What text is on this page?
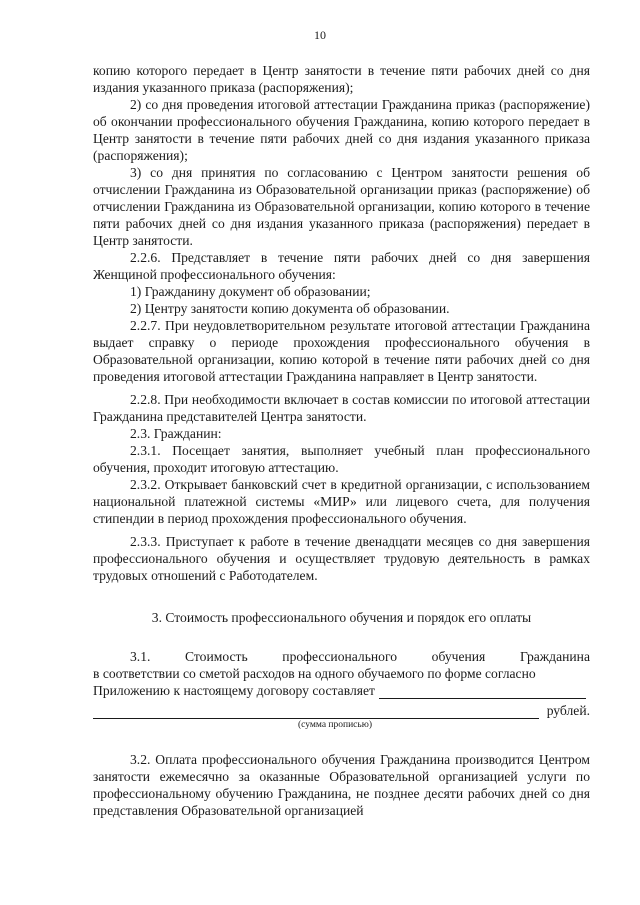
10

копию которого передает в Центр занятости в течение пяти рабочих дней со дня издания указанного приказа (распоряжения);

2) со дня проведения итоговой аттестации Гражданина приказ (распоряжение) об окончании профессионального обучения Гражданина, копию которого передает в Центр занятости в течение пяти рабочих дней со дня издания указанного приказа (распоряжения);

3) со дня принятия по согласованию с Центром занятости решения об отчислении Гражданина из Образовательной организации приказ (распоряжение) об отчислении Гражданина из Образовательной организации, копию которого в течение пяти рабочих дней со дня издания указанного приказа (распоряжения) передает в Центр занятости.

2.2.6. Представляет в течение пяти рабочих дней со дня завершения Женщиной профессионального обучения:

1) Гражданину документ об образовании;

2) Центру занятости копию документа об образовании.

2.2.7. При неудовлетворительном результате итоговой аттестации Гражданина выдает справку о периоде прохождения профессионального обучения в Образовательной организации, копию которой в течение пяти рабочих дней со дня проведения итоговой аттестации Гражданина направляет в Центр занятости.

2.2.8. При необходимости включает в состав комиссии по итоговой аттестации Гражданина представителей Центра занятости.

2.3. Гражданин:

2.3.1. Посещает занятия, выполняет учебный план профессионального обучения, проходит итоговую аттестацию.

2.3.2. Открывает банковский счет в кредитной организации, с использованием национальной платежной системы «МИР» или лицевого счета, для получения стипендии в период прохождения профессионального обучения.

2.3.3. Приступает к работе в течение двенадцати месяцев со дня завершения профессионального обучения и осуществляет трудовую деятельность в рамках трудовых отношений с Работодателем.

3. Стоимость профессионального обучения и порядок его оплаты

3.1. Стоимость профессионального обучения Гражданина

в соответствии со сметой расходов на одного обучаемого по форме согласно

Приложению к настоящему договору составляет
рублей.

(сумма прописью)

3.2. Оплата профессионального обучения Гражданина производится Центром занятости ежемесячно за оказанные Образовательной организацией услуги по профессиональному обучению Гражданина, не позднее десяти рабочих дней со дня представления Образовательной организацией
